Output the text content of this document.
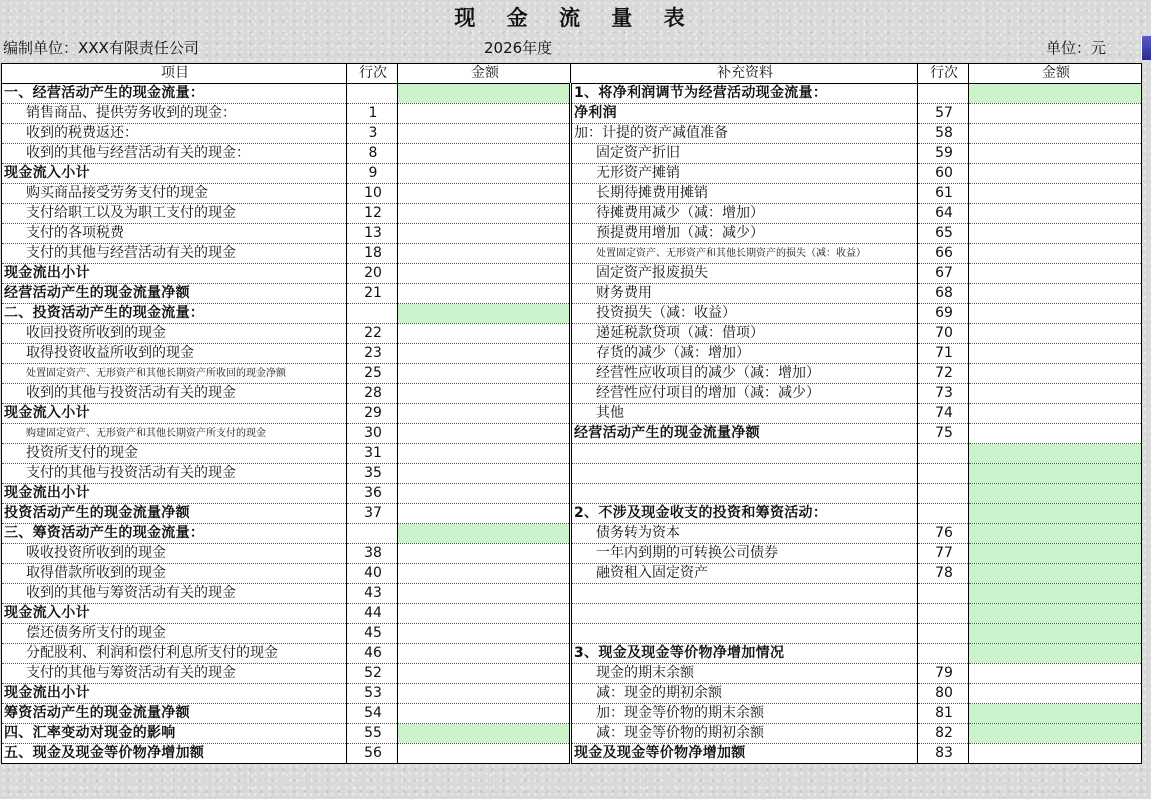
现 金 流 量 表
编制单位：XXX有限责任公司	2026年度	单位：元
项目	行次	金额	补充资料	行次	金额
一、经营活动产生的现金流量：			1、将净利润调节为经营活动现金流量：		
销售商品、提供劳务收到的现金：	1		净利润	57	
收到的税费返还：	3		加：计提的资产减值准备	58	
收到的其他与经营活动有关的现金：	8		固定资产折旧	59	
现金流入小计	9		无形资产摊销	60	
购买商品接受劳务支付的现金	10		长期待摊费用摊销	61	
支付给职工以及为职工支付的现金	12		待摊费用减少（减：增加）	64	
支付的各项税费	13		预提费用增加（减：减少）	65	
支付的其他与经营活动有关的现金	18		处置固定资产、无形资产和其他长期资产的损失（减：收益）	66	
现金流出小计	20		固定资产报废损失	67	
经营活动产生的现金流量净额	21		财务费用	68	
二、投资活动产生的现金流量：			投资损失（减：收益）	69	
收回投资所收到的现金	22		递延税款贷项（减：借项）	70	
取得投资收益所收到的现金	23		存货的减少（减：增加）	71	
处置固定资产、无形资产和其他长期资产所收回的现金净额	25		经营性应收项目的减少（减：增加）	72	
收到的其他与投资活动有关的现金	28		经营性应付项目的增加（减：减少）	73	
现金流入小计	29		其他	74	
购建固定资产、无形资产和其他长期资产所支付的现金	30		经营活动产生的现金流量净额	75	
投资所支付的现金	31				
支付的其他与投资活动有关的现金	35				
现金流出小计	36				
投资活动产生的现金流量净额	37		2、不涉及现金收支的投资和筹资活动：		
三、筹资活动产生的现金流量：			债务转为资本	76	
吸收投资所收到的现金	38		一年内到期的可转换公司债券	77	
取得借款所收到的现金	40		融资租入固定资产	78	
收到的其他与筹资活动有关的现金	43				
现金流入小计	44				
偿还债务所支付的现金	45				
分配股利、利润和偿付利息所支付的现金	46		3、现金及现金等价物净增加情况		
支付的其他与筹资活动有关的现金	52		现金的期末余额	79	
现金流出小计	53		减：现金的期初余额	80	
筹资活动产生的现金流量净额	54		加：现金等价物的期末余额	81	
四、汇率变动对现金的影响	55		减：现金等价物的期初余额	82	
五、现金及现金等价物净增加额	56		现金及现金等价物净增加额	83	
